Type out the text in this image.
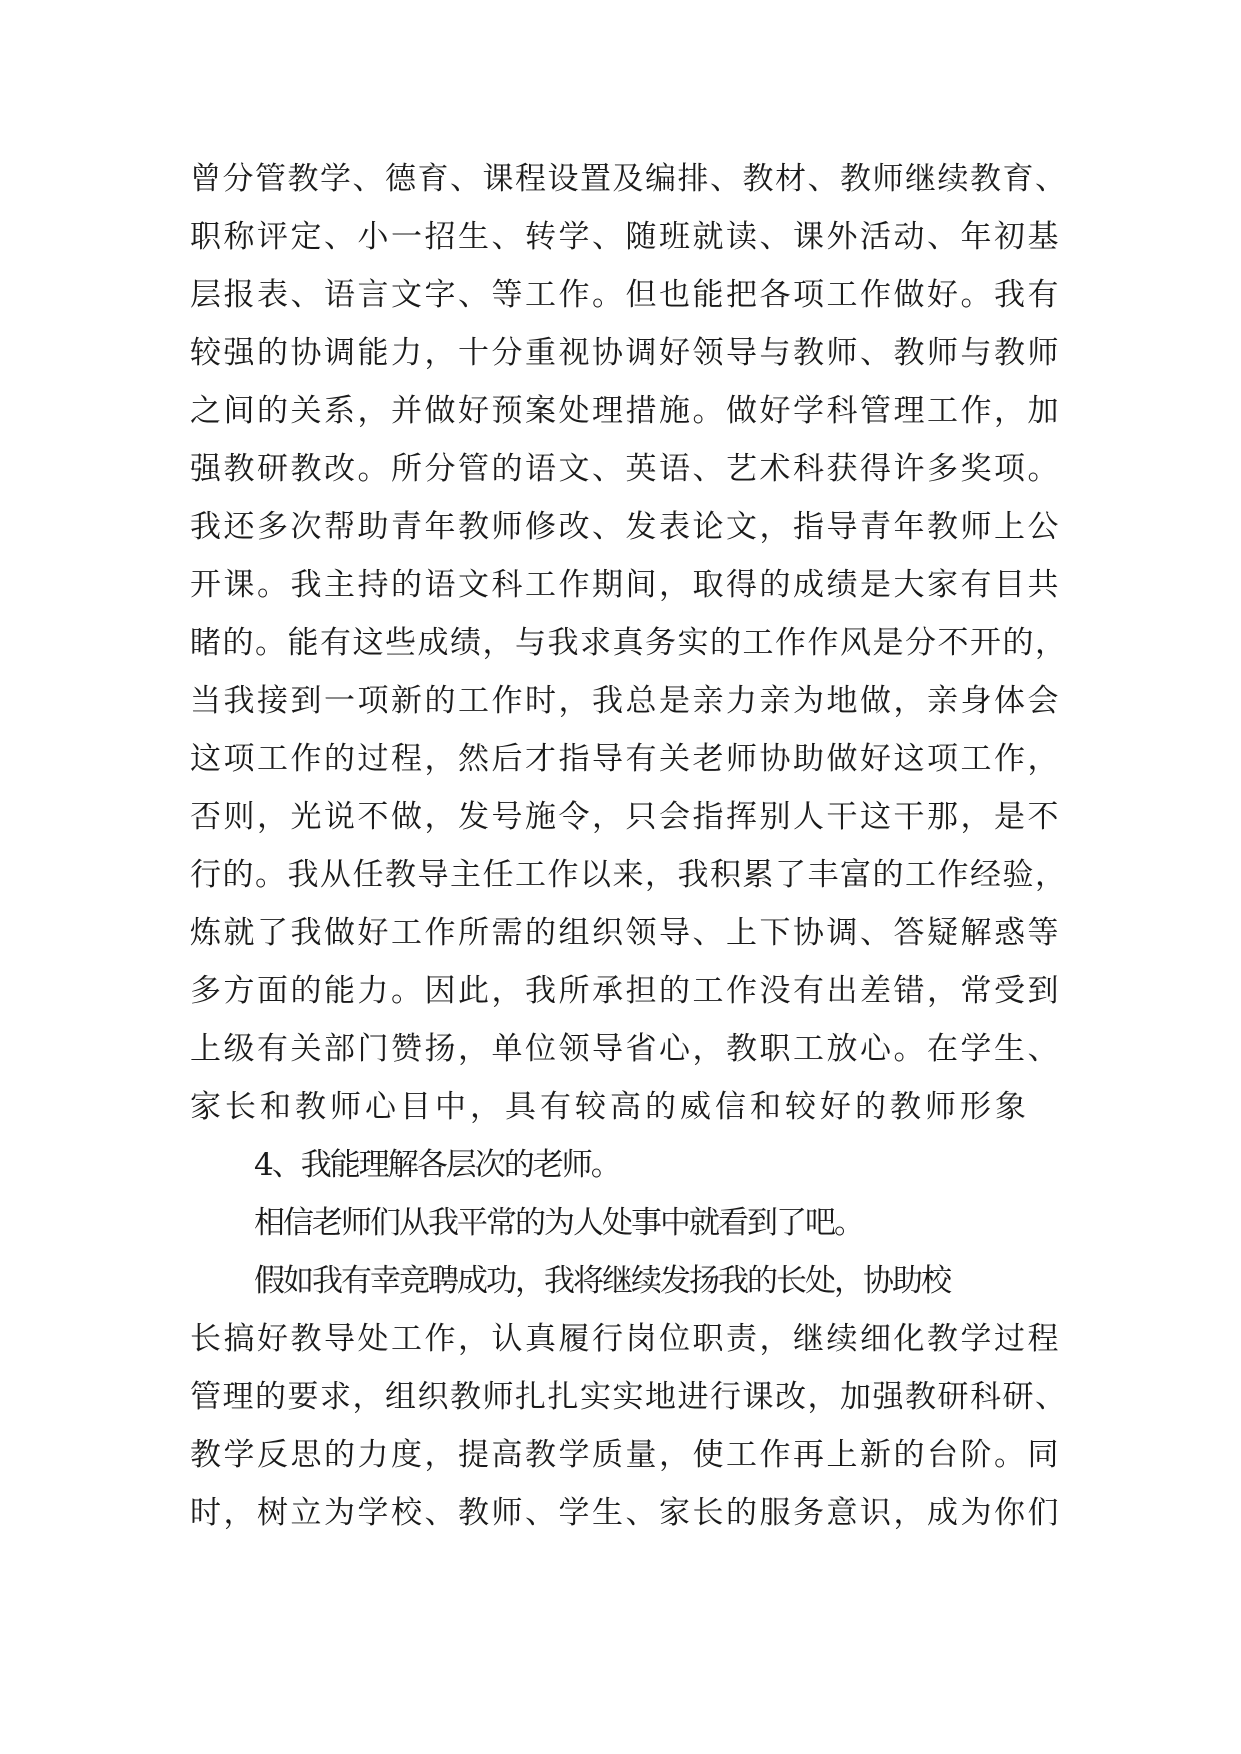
曾分管教学、德育、课程设置及编排、教材、教师继续教育、
职称评定、小一招生、转学、随班就读、课外活动、年初基
层报表、语言文字、等工作。但也能把各项工作做好。我有
较强的协调能力，十分重视协调好领导与教师、教师与教师
之间的关系，并做好预案处理措施。做好学科管理工作，加
强教研教改。所分管的语文、英语、艺术科获得许多奖项。
我还多次帮助青年教师修改、发表论文，指导青年教师上公
开课。我主持的语文科工作期间，取得的成绩是大家有目共
睹的。能有这些成绩，与我求真务实的工作作风是分不开的，
当我接到一项新的工作时，我总是亲力亲为地做，亲身体会
这项工作的过程，然后才指导有关老师协助做好这项工作，
否则，光说不做，发号施令，只会指挥别人干这干那，是不
行的。我从任教导主任工作以来，我积累了丰富的工作经验，
炼就了我做好工作所需的组织领导、上下协调、答疑解惑等
多方面的能力。因此，我所承担的工作没有出差错，常受到
上级有关部门赞扬，单位领导省心，教职工放心。在学生、
家长和教师心目中，具有较高的威信和较好的教师形象
4、我能理解各层次的老师。
相信老师们从我平常的为人处事中就看到了吧。
假如我有幸竞聘成功，我将继续发扬我的长处，协助校
长搞好教导处工作，认真履行岗位职责，继续细化教学过程
管理的要求，组织教师扎扎实实地进行课改，加强教研科研、
教学反思的力度，提高教学质量，使工作再上新的台阶。同
时，树立为学校、教师、学生、家长的服务意识，成为你们
